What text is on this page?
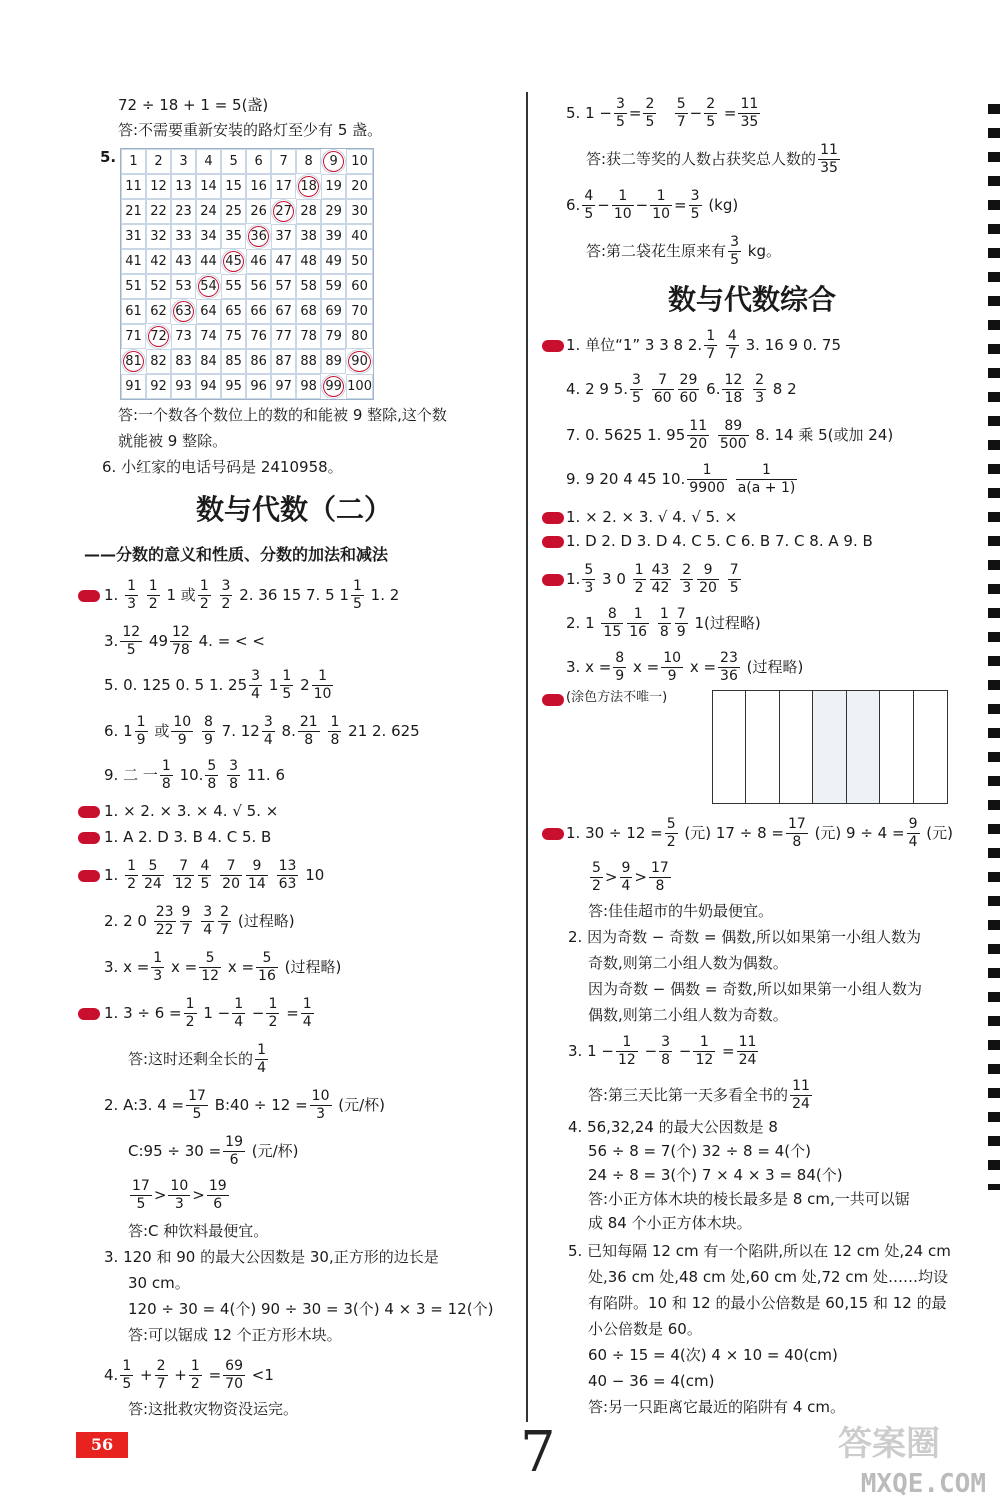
72 ÷ 18 + 1 = 5(盏)
答:不需要重新安装的路灯至少有 5 盏。
5.	1	2	3	4	5	6	7	8	9	10
11 12 13 14 15 16 17 18 19 20
21 22 23 24 25 26 27 28 29 30
31 32 33 34 35 36 37 38 39 40
41 42 43 44 45 46 47 48 49 50
51 52 53 54 55 56 57 58 59 60
61 62 63 64 65 66 67 68 69 70
71 72 73 74 75 76 77 78 79 80
81 82 83 84 85 86 87 88 89 90
91 92 93 94 95 96 97 98 99 100
答:一个数各个数位上的数的和能被 9 整除,这个数
就能被 9 整除。
6. 小红家的电话号码是 2410958。
数与代数（二）
——分数的意义和性质、分数的加法和减法
1. $\frac{1}{3}$
$\frac{1}{2} 1$ 或 $\frac{1}{2}$
$\frac{3}{2} 2$. 36 15 7. 5 $1 \frac{1}{5} 1$. 2
3. $\frac{12}{5} 49 \frac{12}{78} 4$. = < <
5. 0. 125 0. 5 1. $25 \frac{3}{4} 1 \frac{1}{5} 2 \frac{1}{10}$
6. $1 \frac{1}{9}$ 或 $\frac{10}{9}$
$\frac{8}{9} 7$. $12 \frac{3}{4} 8$. $\frac{21}{8}$
$\frac{1}{8} 21$ 2. 625
9. 二 一 $\frac{1}{8} 10$. $\frac{5}{8}$
$\frac{3}{8} 11$. 6
1. × 2. × 3. × 4. √ 5. ×
1. A 2. D 3. B 4. C 5. B
1. $\frac{1}{2} \frac{5}{24}$
$\frac{7}{12} \frac{4}{5}$
$\frac{7}{20} \frac{9}{14}$
$\frac{13}{63} 10$
2. 2 $0 \frac{23}{22} \frac{9}{7}$
$\frac{3}{4} \frac{2}{7}$ (过程略)
3. $x = \frac{1}{3}$ $x = \frac{5}{12}$ $x = \frac{5}{16}$ (过程略)
1. $3 \div 6 = \frac{1}{2} 1 - \frac{1}{4} - \frac{1}{2} = \frac{1}{4}$
答:这时还剩全长的 $\frac{1}{4}$
2. A:3. $4 = \frac{17}{5}$ B:40 ÷ $12 = \frac{10}{3}$ (元/杯)
C:95 ÷ $30 = \frac{19}{6}$ (元/杯)
$\frac{17}{5} > \frac{10}{3} > \frac{19}{6}$
答:C 种饮料最便宜。
3. 120 和 90 的最大公因数是 30,正方形的边长是
30 cm。
120 ÷ 30 = 4(个) 90 ÷ 30 = 3(个) 4 × 3 = 12(个)
答:可以锯成 12 个正方形木块。
4. $\frac{1}{5} + \frac{2}{7} + \frac{1}{2} = \frac{69}{70} <1$
答:这批救灾物资没运完。
56
5. $1 - \frac{3}{5} = \frac{2}{5}$
$\frac{5}{7} - \frac{2}{5} = \frac{11}{35}$
答:获二等奖的人数占获奖总人数的 $\frac{11}{35}$
6. $\frac{4}{5} - \frac{1}{10} - \frac{1}{10} = \frac{3}{5} (kg)$
答:第二袋花生原来有 $\frac{3}{5}$ kg。
数与代数综合
1. 单位“1” 3 3 8 2. $\frac{1}{7}$
$\frac{4}{7} 3$. 16 9 0. 75
4. 2 9 5. $\frac{3}{5}$
$\frac{7}{60} \frac{29}{60} 6$. $\frac{12}{18}$
$\frac{2}{3} 8$ 2
7. 0. 5625 1. $95 \frac{11}{20}$
$\frac{89}{500} 8$. 14 乘 5(或加 24)
9. 9 20 4 45 10. $\frac{1}{9900}$
$\frac{1}{a(a + 1)}$
1. × 2. × 3. √ 4. √ 5. ×
1. D 2. D 3. D 4. C 5. C 6. B 7. C 8. A 9. B
1. $\frac{5}{3} 3$ $0 \frac{1}{2} \frac{43}{42}$
$\frac{2}{3} \frac{9}{20}$
$\frac{7}{5}$
2. $1 \frac{8}{15} \frac{1}{16}$
$\frac{1}{8} \frac{7}{9} 1$(过程略)
3. $x = \frac{8}{9}$ $x = \frac{10}{9}$ $x = \frac{23}{36}$ (过程略)
(涂色方法不唯一)
1. $30 \div 12 = \frac{5}{2}$ (元) $17 \div 8 = \frac{17}{8}$ (元) $9 \div 4 = \frac{9}{4}$ (元)
$\frac{5}{2} > \frac{9}{4} > \frac{17}{8}$
答:佳佳超市的牛奶最便宜。
2. 因为奇数 − 奇数 = 偶数,所以如果第一小组人数为
奇数,则第二小组人数为偶数。
因为奇数 − 偶数 = 奇数,所以如果第一小组人数为
偶数,则第二小组人数为奇数。
3. $1 - \frac{1}{12} - \frac{3}{8} - \frac{1}{12} = \frac{11}{24}$
答:第三天比第一天多看全书的 $\frac{11}{24}$
4. 56,32,24 的最大公因数是 8
56 ÷ 8 = 7(个) 32 ÷ 8 = 4(个)
24 ÷ 8 = 3(个) 7 × 4 × 3 = 84(个)
答:小正方体木块的棱长最多是 8 cm,一共可以锯
成 84 个小正方体木块。
5. 已知每隔 12 cm 有一个陷阱,所以在 12 cm 处,24 cm
处,36 cm 处,48 cm 处,60 cm 处,72 cm 处……均设
有陷阱。10 和 12 的最小公倍数是 60,15 和 12 的最
小公倍数是 60。
60 ÷ 15 = 4(次) 4 × 10 = 40(cm)
40 − 36 = 4(cm)
答:另一只距离它最近的陷阱有 4 cm。
7	答案圈
MXQE.COM
